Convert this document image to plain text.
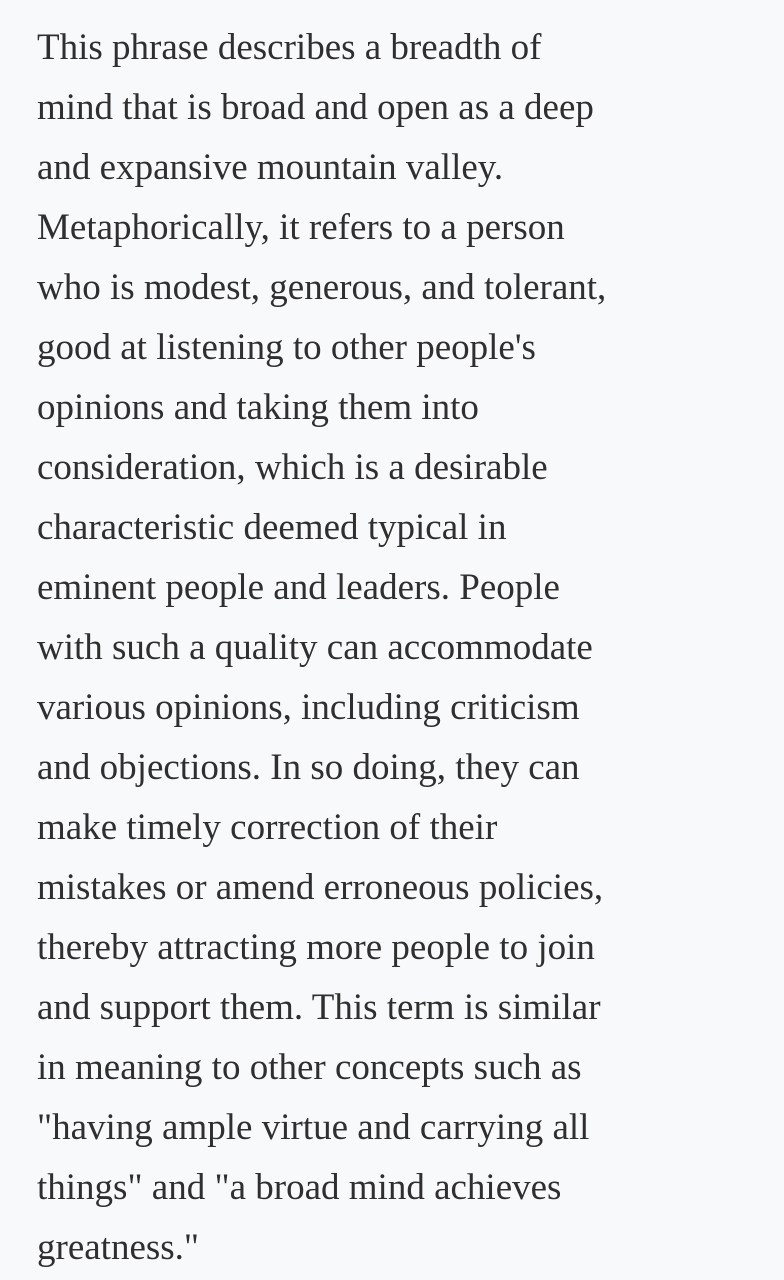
This phrase describes a breadth of
mind that is broad and open as a deep
and expansive mountain valley.
Metaphorically, it refers to a person
who is modest, generous, and tolerant,
good at listening to other people's
opinions and taking them into
consideration, which is a desirable
characteristic deemed typical in
eminent people and leaders. People
with such a quality can accommodate
various opinions, including criticism
and objections. In so doing, they can
make timely correction of their
mistakes or amend erroneous policies,
thereby attracting more people to join
and support them. This term is similar
in meaning to other concepts such as
"having ample virtue and carrying all
things" and "a broad mind achieves
greatness."
